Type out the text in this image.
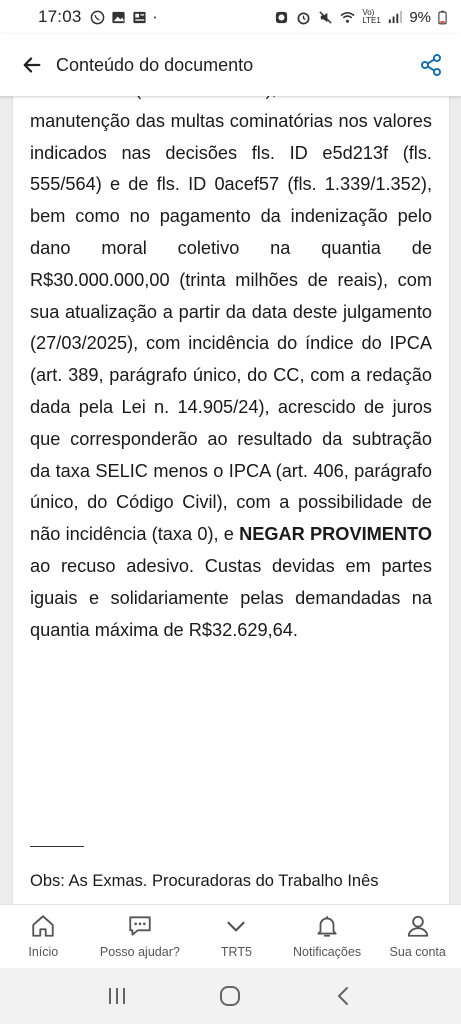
17:03	Vo) LTE1 9%
Conteúdo do documento

manutenção das multas cominatórias nos valores indicados nas decisões fls. ID e5d213f (fls. 555/564) e de fls. ID 0acef57 (fls. 1.339/1.352), bem como no pagamento da indenização pelo dano moral coletivo na quantia de R$30.000.000,00 (trinta milhões de reais), com sua atualização a partir da data deste julgamento (27/03/2025), com incidência do índice do IPCA (art. 389, parágrafo único, do CC, com a redação dada pela Lei n. 14.905/24), acrescido de juros que corresponderão ao resultado da subtração da taxa SELIC menos o IPCA (art. 406, parágrafo único, do Código Civil), com a possibilidade de não incidência (taxa 0), e NEGAR PROVIMENTO ao recuso adesivo. Custas devidas em partes iguais e solidariamente pelas demandadas na quantia máxima de R$32.629,64.

Obs: As Exmas. Procuradoras do Trabalho Inês

Início	Posso ajudar?	TRT5	Notificações Sua conta
